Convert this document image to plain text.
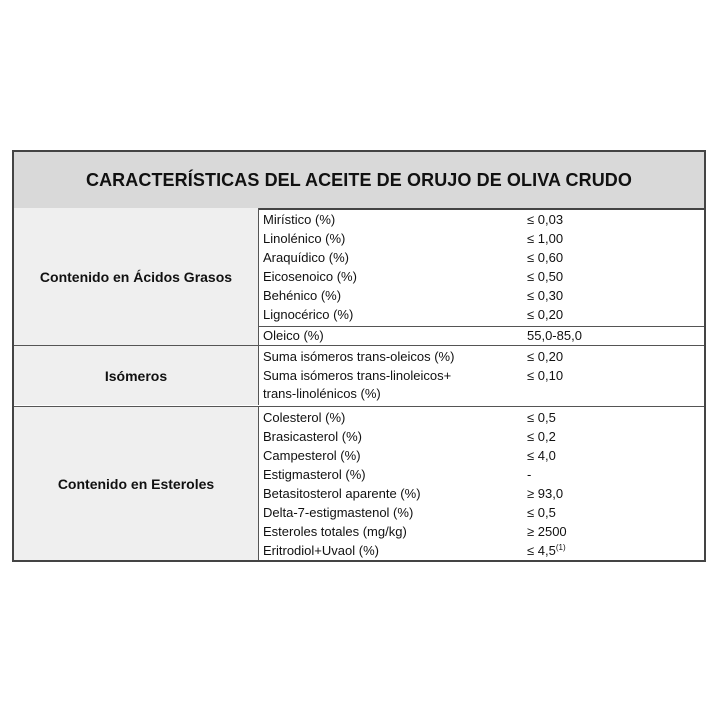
CARACTERÍSTICAS DEL ACEITE DE ORUJO DE OLIVA CRUDO
Contenido en Ácidos Grasos
Mirístico (%)	≤ 0,03
Linolénico (%)	≤ 1,00
Araquídico (%)	≤ 0,60
Eicosenoico (%)	≤ 0,50
Behénico (%)	≤ 0,30
Lignocérico (%)	≤ 0,20
Oleico (%)	55,0-85,0
Isómeros
Suma isómeros trans-oleicos (%)	≤ 0,20
Suma isómeros trans-linoleicos+	≤ 0,10
trans-linolénicos (%)
Contenido en Esteroles
Colesterol (%)	≤ 0,5
Brasicasterol (%)	≤ 0,2
Campesterol (%)	≤ 4,0
Estigmasterol (%)	-
Betasitosterol aparente (%)	≥ 93,0
Delta-7-estigmastenol (%)	≤ 0,5
Esteroles totales (mg/kg)	≥ 2500
Eritrodiol+Uvaol (%)	≤ $4,5^{(1)}$
